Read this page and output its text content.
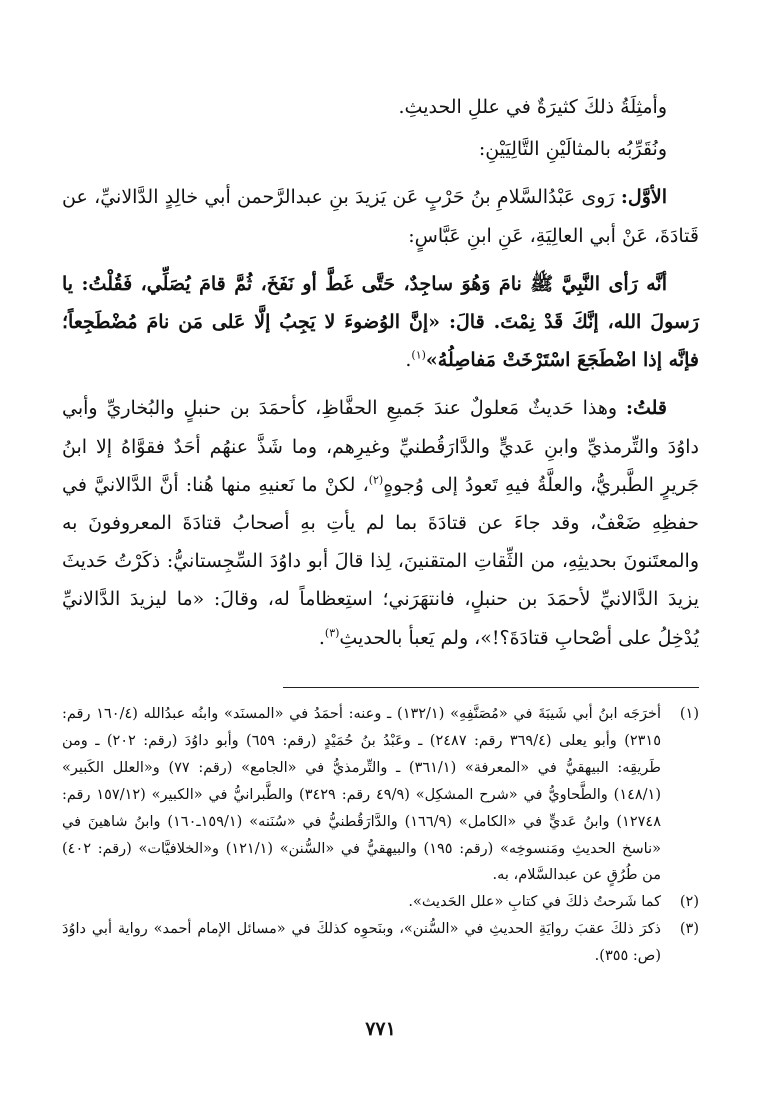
وأمثِلَةُ ذلكَ كثيرَةٌ في عللِ الحديثِ.

ونُقَرِّبُه بالمثالَيْنِ التَّالِيَيْنِ:

الأوَّل: رَوى عَبْدُالسَّلامِ بنُ حَرْبٍ عَن يَزيدَ بنِ عبدالرَّحمن أبي خالِدٍ الدَّالانيِّ، عن قَتادَةَ، عَنْ أبي العالِيَةِ، عَنِ ابنِ عَبَّاسٍ:

أنَّه رَأى النَّبِيَّ ﷺ نامَ وَهُوَ ساجِدٌ، حَتَّى غَطَّ أو نَفَخَ، ثُمَّ قامَ يُصَلِّي، فَقُلْتُ: يا رَسولَ الله، إنَّكَ قَدْ نِمْتَ. قالَ: «إنَّ الوُضوءَ لا يَجِبُ إلَّا عَلى مَن نامَ مُضْطَجِعاً؛ فإنَّه إذا اضْطَجَعَ اسْتَرْخَتْ مَفاصِلُهُ»$^{(١)}$.

قلتُ: وهذا حَديثٌ مَعلولٌ عندَ جَميعِ الحفَّاظِ، كأحمَدَ بن حنبلٍ والبُخاريِّ وأبي داوُدَ والتِّرمذيِّ وابنِ عَديٍّ والدَّارَقُطنيِّ وغيرِهم، وما شَذَّ عنهُم أحَدٌ فقوَّاهُ إلا ابنُ جَريرٍ الطَّبريُّ، والعلَّةُ فيهِ تَعودُ إلى وُجوهٍ$^{(٢)}$، لكنْ ما نَعنيهِ منها هُنا: أنَّ الدَّالانيَّ في حفظِهِ ضَعْفٌ، وقد جاءَ عن قتادَةَ بما لم يأتِ بهِ أصحابُ قتادَةَ المعروفونَ به والمعتَنونَ بحديثِهِ، من الثِّقاتِ المتقنينَ، لِذا قالَ أبو داوُدَ السِّجِستانيُّ: ذكَرْتُ حَديثَ يزيدَ الدَّالانيِّ لأحمَدَ بن حنبلٍ، فانتهَرَني؛ استِعظاماً له، وقالَ: «ما ليزيدَ الدَّالانيِّ يُدْخِلُ على أصْحابِ قتادَةَ؟!»، ولم يَعبأ بالحديثِ$^{(٣)}$.

(١)
أخرَجَه ابنُ أبي شَيبَةَ في «مُصَنَّفِهِ» (١٣٢/١) ـ وعنه: أحمَدُ في «المسنَد» وابنُه عبدُالله (١٦٠/٤ رقم: ٢٣١٥) وأبو يعلى (٣٦٩/٤ رقم: ٢٤٨٧) ـ وعَبْدُ بنُ حُمَيْدٍ (رقم: ٦٥٩) وأبو داوُدَ (رقم: ٢٠٢) ـ ومن طَريقِه: البيهقيُّ في «المعرفة» (٣٦١/١) ـ والتِّرمذيُّ في «الجامع» (رقم: ٧٧) و«العلل الكَبير» (١٤٨/١) والطَّحاويُّ في «شرح المشكِل» (٤٩/٩ رقم: ٣٤٢٩) والطَّبرانيُّ في «الكبير» (١٥٧/١٢ رقم: ١٢٧٤٨) وابنُ عَديٍّ في «الكامل» (١٦٦/٩) والدَّارَقُطنيُّ في «سُنَنه» (١٥٩/١ـ١٦٠) وابنُ شاهينَ في «ناسخ الحديثِ ومَنسوخِه» (رقم: ١٩٥) والبيهقيُّ في «السُّنن» (١٢١/١) و«الخلافيَّات» (رقم: ٤٠٢) من طُرُقٍ عن عبدالسَّلام، به.
(٢)
كما شَرحتُ ذلكَ في كتابِ «علل الحَديث».
(٣)
ذكرَ ذلكَ عقبَ روايَةِ الحديثِ في «السُّنن»، وبنَحوِه كذلكَ في «مسائل الإمام أحمد» رواية أبي داوُدَ (ص: ٣٥٥).
٧٧١
